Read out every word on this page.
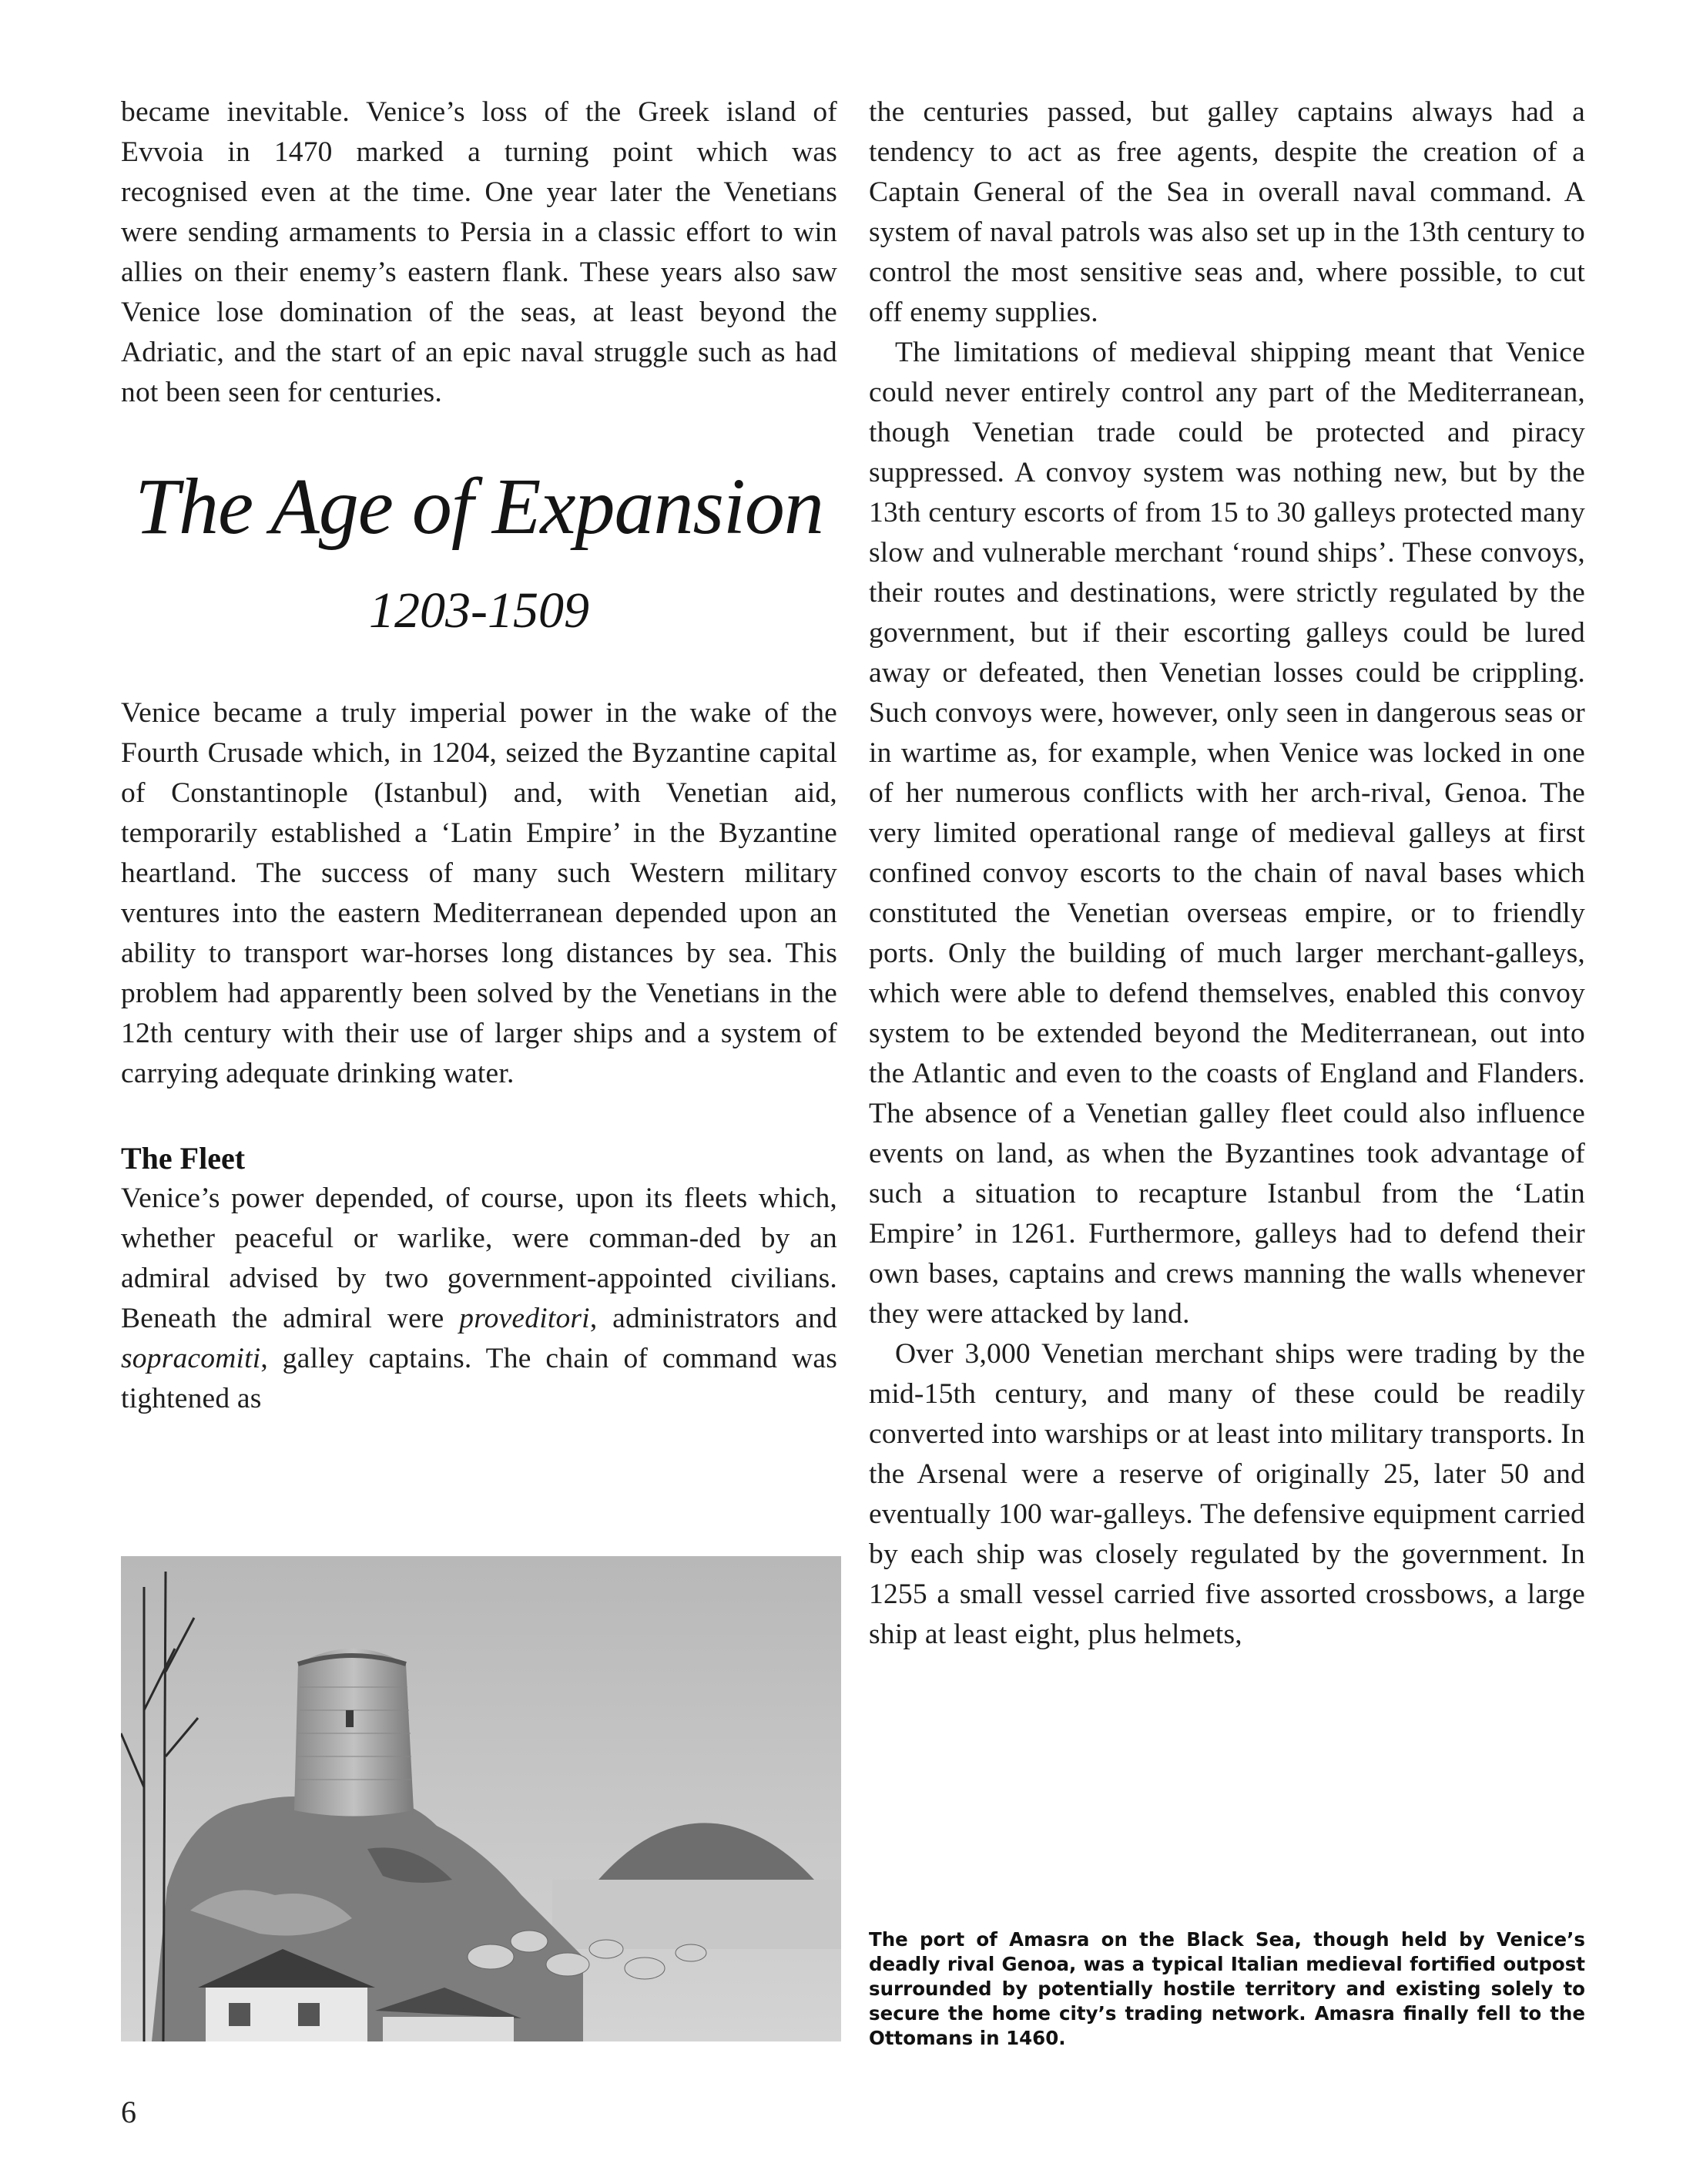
became inevitable. Venice’s loss of the Greek island of Evvoia in 1470 marked a turning point which was recognised even at the time. One year later the Venetians were sending armaments to Persia in a classic effort to win allies on their enemy’s eastern flank. These years also saw Venice lose domination of the seas, at least beyond the Adriatic, and the start of an epic naval struggle such as had not been seen for centuries.

The Age of Expansion
1203-1509

Venice became a truly imperial power in the wake of the Fourth Crusade which, in 1204, seized the Byzantine capital of Constantinople (Istanbul) and, with Venetian aid, temporarily established a ‘Latin Empire’ in the Byzantine heartland. The success of many such Western military ventures into the eastern Mediterranean depended upon an ability to transport war-horses long distances by sea. This problem had apparently been solved by the Venetians in the 12th century with their use of larger ships and a system of carrying adequate drinking water.

The Fleet

Venice’s power depended, of course, upon its fleets which, whether peaceful or warlike, were comman-ded by an admiral advised by two government-appointed civilians. Beneath the admiral were proveditori, administrators and sopracomiti, galley captains. The chain of command was tightened as

the centuries passed, but galley captains always had a tendency to act as free agents, despite the creation of a Captain General of the Sea in overall naval command. A system of naval patrols was also set up in the 13th century to control the most sensitive seas and, where possible, to cut off enemy supplies.

The limitations of medieval shipping meant that Venice could never entirely control any part of the Mediterranean, though Venetian trade could be protected and piracy suppressed. A convoy system was nothing new, but by the 13th century escorts of from 15 to 30 galleys protected many slow and vulnerable merchant ‘round ships’. These convoys, their routes and destinations, were strictly regulated by the government, but if their escorting galleys could be lured away or defeated, then Venetian losses could be crippling. Such convoys were, however, only seen in dangerous seas or in wartime as, for example, when Venice was locked in one of her numerous conflicts with her arch-rival, Genoa. The very limited operational range of medieval galleys at first confined convoy escorts to the chain of naval bases which constituted the Venetian overseas empire, or to friendly ports. Only the building of much larger merchant-galleys, which were able to defend themselves, enabled this convoy system to be extended beyond the Mediterranean, out into the Atlantic and even to the coasts of England and Flanders. The absence of a Venetian galley fleet could also influence events on land, as when the Byzantines took advantage of such a situation to recapture Istanbul from the ‘Latin Empire’ in 1261. Furthermore, galleys had to defend their own bases, captains and crews manning the walls whenever they were attacked by land.

Over 3,000 Venetian merchant ships were trading by the mid-15th century, and many of these could be readily converted into warships or at least into military transports. In the Arsenal were a reserve of originally 25, later 50 and eventually 100 war-galleys. The defensive equipment carried by each ship was closely regulated by the government. In 1255 a small vessel carried five assorted crossbows, a large ship at least eight, plus helmets,

The port of Amasra on the Black Sea, though held by Venice’s deadly rival Genoa, was a typical Italian medieval fortified outpost surrounded by potentially hostile territory and existing solely to secure the home city’s trading network. Amasra finally fell to the Ottomans in 1460.
6
